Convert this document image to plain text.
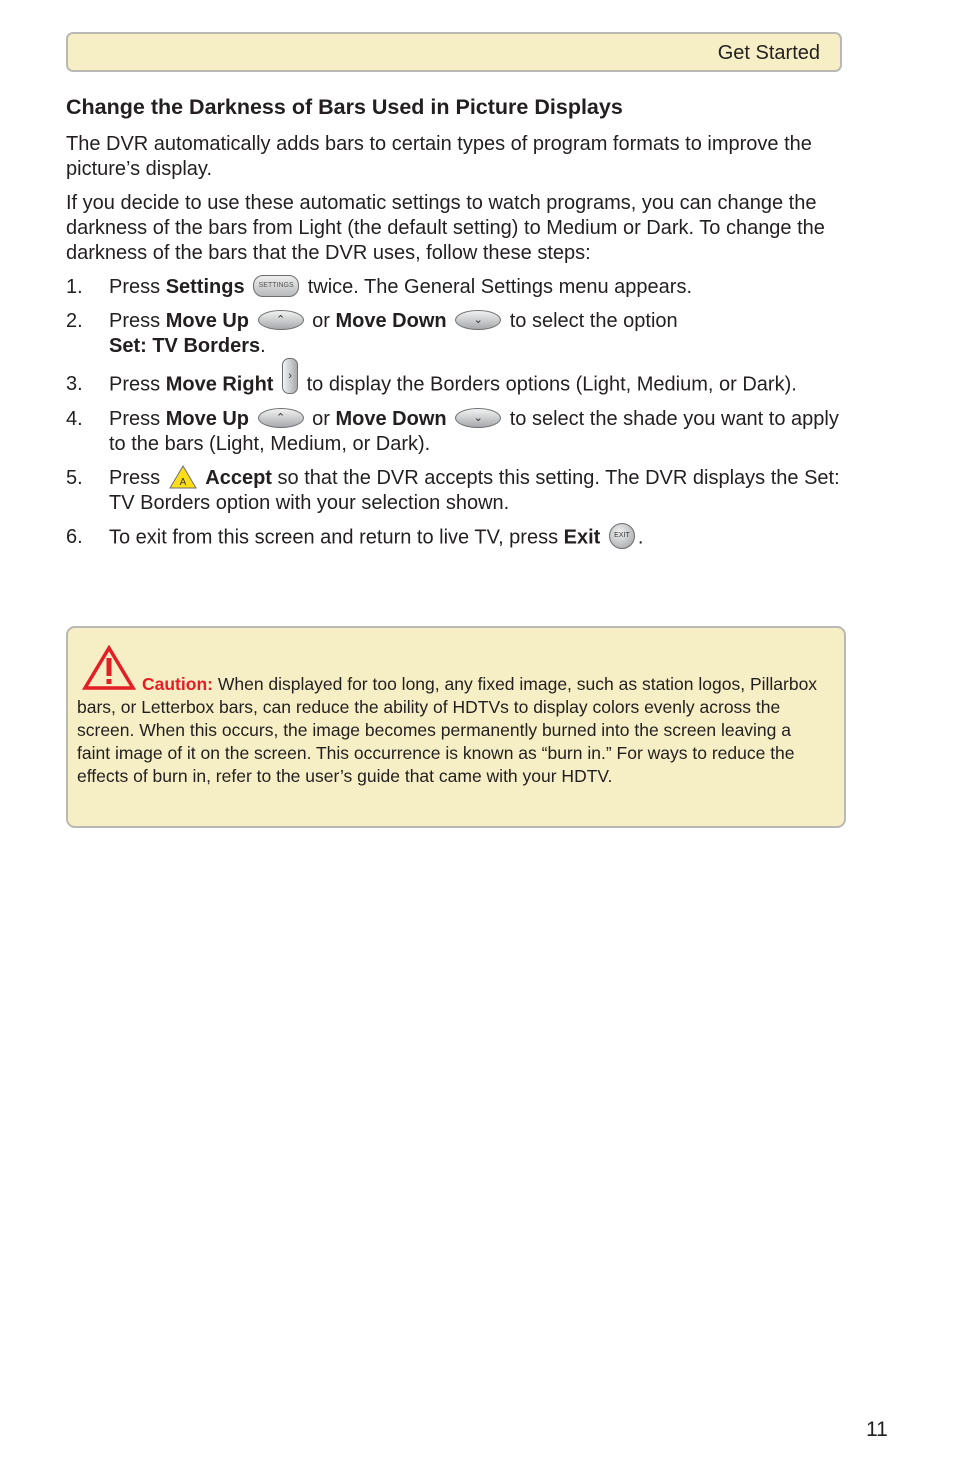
Get Started
Change the Darkness of Bars Used in Picture Displays

The DVR automatically adds bars to certain types of program formats to improve the picture’s display.

If you decide to use these automatic settings to watch programs, you can change the darkness of the bars from Light (the default setting) to Medium or Dark. To change the darkness of the bars that the DVR uses, follow these steps:

1. Press Settings SETTINGS twice. The General Settings menu appears.
2. Press Move Up ⌃ or Move Down ⌄ to select the option
Set: TV Borders.
3. Press Move Right › to display the Borders options (Light, Medium, or Dark).
4. Press Move Up ⌃ or Move Down ⌄ to select the shade you want to apply to the bars (Light, Medium, or Dark).
5. Press A Accept so that the DVR accepts this setting. The DVR displays the Set: TV Borders option with your selection shown.
6. To exit from this screen and return to live TV, press Exit EXIT .

Caution: When displayed for too long, any fixed image, such as station logos, Pillarbox bars, or Letterbox bars, can reduce the ability of HDTVs to display colors evenly across the screen. When this occurs, the image becomes permanently burned into the screen leaving a faint image of it on the screen. This occurrence is known as “burn in.” For ways to reduce the effects of burn in, refer to the user’s guide that came with your HDTV.

11
